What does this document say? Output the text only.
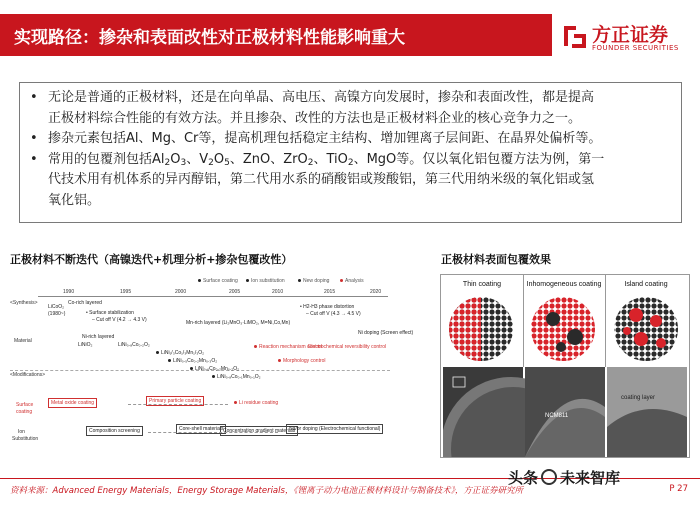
实现路径：掺杂和表面改性对正极材料性能影响重大	方正证券
FOUNDER SECURITIES
• 无论是普通的正极材料，还是在向单晶、高电压、高镍方向发展时，掺杂和表面改性，都是提高
正极材料综合性能的有效方法。并且掺杂、改性的方法也是正极材料企业的核心竞争力之一。
• 掺杂元素包括Al、Mg、Cr等，提高机理包括稳定主结构、增加锂离子层间距、在晶界处偏析等。
• 常用的包覆剂包括$Al_2O_3$、$V_2O_5$、ZnO、ZrO$_2$、TiO$_2$、MgO等。仅以氧化铝包覆方法为例，第一
代技术用有机体系的异丙醇铝，第二代用水系的硝酸铝或羧酸铝，第三代用纳米级的氧化铝或氢
氧化铝。
正极材料不断迭代（高镍迭代+机理分析+掺杂包覆改性）	正极材料表面包覆效果
Surface coating	Ion substitution	New doping	Analysis
1990	1995	2000	2005	2010	2015	2020
<Synthesis>
Material
<Modifications>
Surface
coating
Ion
Substitution
LiCoO₂
(1980~)
Co-rich layered
• Surface stabilization
– Cut off V (4.2 → 4.3 V)
Ni-rich layered
LiNiO₂	LiNi₀.₈Co₀.₂O₂
Mn-rich layered (Li₂MnO₃·LiMO₂, M=Ni,Co,Mn)
• H2-H3 phase distortion
– Cut off V (4.3 → 4.5 V)
LiNi₁/₃Co₁/₃Mn₁/₃O₂
LiNi₀.₅Co₀.₂Mn₀.₃O₂
LiNi₀.₆Co₀.₂Mn₀.₂O₂
LiNi₀.₈Co₀.₁Mn₀.₁O₂
Reaction mechanism control
Morphology control
Electrochemical reversibility control
Ni doping (Screen effect)
Metal oxide coating	Primary particle coating	Li residue coating
Composition screening	Core-shell materials Concentration gradient materials
Na/or doping (Electrochemical functional)
Thin coating	Inhomogeneous coating	Island coating
NCM811
coating layer
头条 未来智库
资料来源：Advanced Energy Materials，Energy Storage Materials，《锂离子动力电池正极材料设计与制备技术》，方正证券研究所	P 27
